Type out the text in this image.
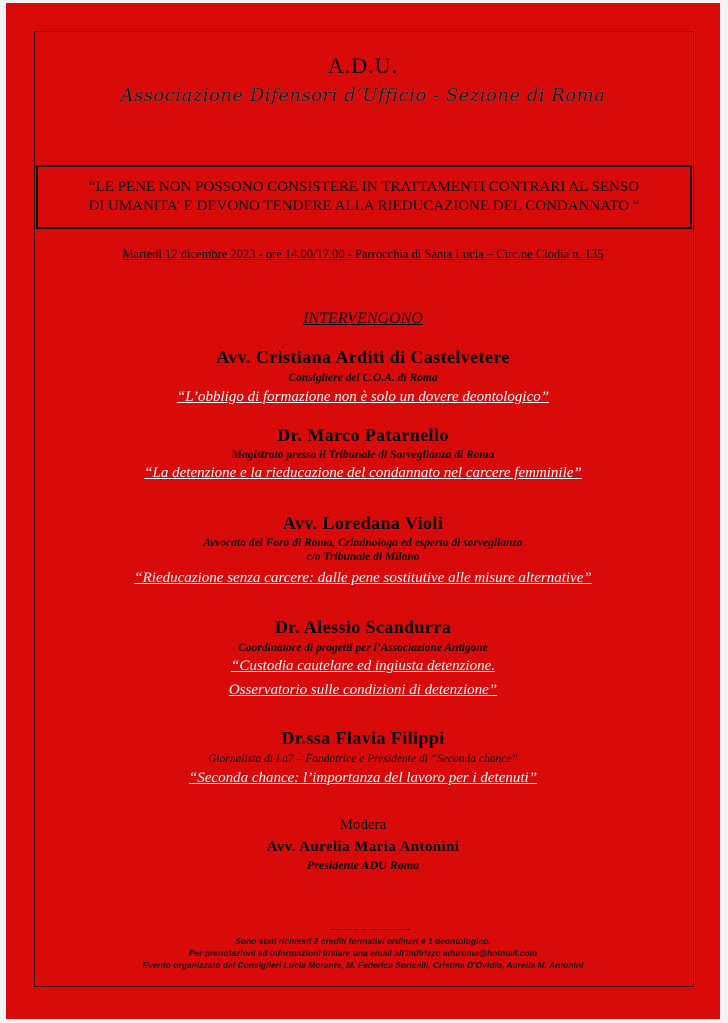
A.D.U.
Associazione Difensori d’Ufficio - Sezione di Roma
“LE PENE NON POSSONO CONSISTERE IN TRATTAMENTI CONTRARI AL SENSO
DI UMANITA’ E DEVONO TENDERE ALLA RIEDUCAZIONE DEL CONDANNATO “
Martedì 12 dicembre 2023 - ore 14.00/17.00 - Parrocchia di Santa Lucia – Circ.ne Clodia n. 135
INTERVENGONO
Avv. Cristiana Arditi di Castelvetere
Consigliere del C.O.A. di Roma
“L’obbligo di formazione non è solo un dovere deontologico”
Dr. Marco Patarnello
Magistrato presso il Tribunale di Sorveglianza di Roma
“La detenzione e la rieducazione del condannato nel carcere femminile”
Avv. Loredana Violi
Avvocato del Foro di Roma, Criminologa ed esperta di sorveglianza
c/o Tribunale di Milano
“Rieducazione senza carcere: dalle pene sostitutive alle misure alternative”
Dr. Alessio Scandurra
Coordinatore di progetti per l’Associazione Antigone
“Custodia cautelare ed ingiusta detenzione.
Osservatorio sulle condizioni di detenzione”
Dr.ssa Flavia Filippi
Giornalista di La7 – Fondatrice e Presidente di “Seconda chance”
“Seconda chance: l’importanza del lavoro per i detenuti”
Modera
Avv. Aurelia Maria Antonini
Presidente ADU Roma
Sono stati richiesti 2 crediti formativi ordinari e 1 deontologico.
Per prenotazioni ed informazioni inviare una email all’indirizzo aduroma@hotmail.com
Evento organizzato dai Consiglieri Lucia Morante, M. Federica Soricelli, Cristina D’Ovidio, Aurelia M. Antonini
